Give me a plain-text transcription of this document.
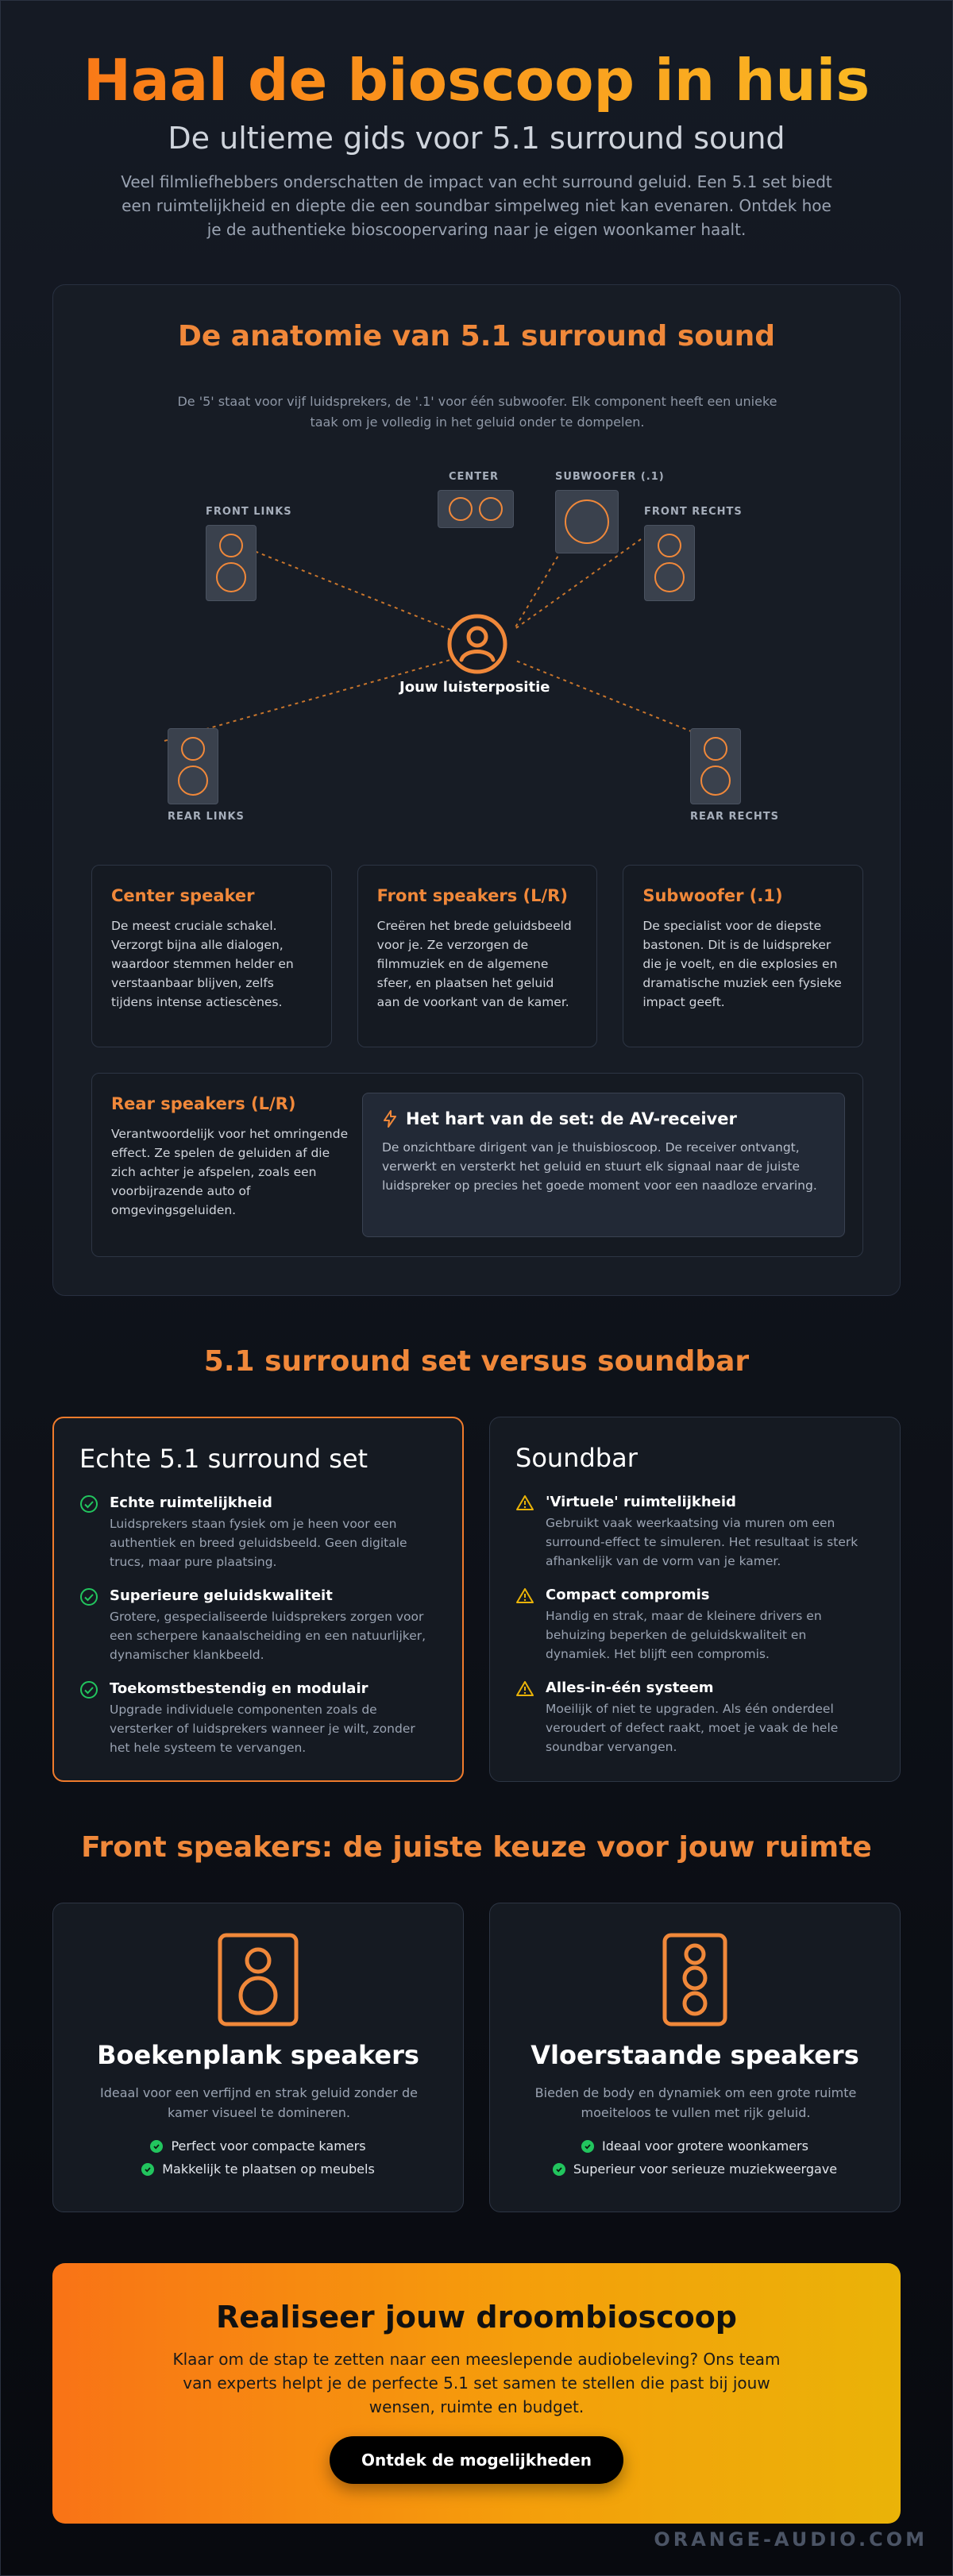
Haal de bioscoop in huis
De ultieme gids voor 5.1 surround sound

Veel filmliefhebbers onderschatten de impact van echt surround geluid. Een 5.1 set biedt een ruimtelijkheid en diepte die een soundbar simpelweg niet kan evenaren. Ontdek hoe je de authentieke bioscoopervaring naar je eigen woonkamer haalt.

De anatomie van 5.1 surround sound

De '5' staat voor vijf luidsprekers, de '.1' voor één subwoofer. Elk component heeft een unieke taak om je volledig in het geluid onder te dompelen.

FRONT LINKS
CENTER	SUBWOOFER (.1)
FRONT RECHTS
Jouw luisterpositie
REAR LINKS	REAR RECHTS
Center speaker

De meest cruciale schakel. Verzorgt bijna alle dialogen, waardoor stemmen helder en verstaanbaar blijven, zelfs tijdens intense actiescènes.

Front speakers (L/R)

Creëren het brede geluidsbeeld voor je. Ze verzorgen de filmmuziek en de algemene sfeer, en plaatsen het geluid aan de voorkant van de kamer.

Subwoofer (.1)

De specialist voor de diepste bastonen. Dit is de luidspreker die je voelt, en die explosies en dramatische muziek een fysieke impact geeft.

Rear speakers (L/R)

Verantwoordelijk voor het omringende effect. Ze spelen de geluiden af die zich achter je afspelen, zoals een voorbijrazende auto of omgevingsgeluiden.

Het hart van de set: de AV-receiver

De onzichtbare dirigent van je thuisbioscoop. De receiver ontvangt, verwerkt en versterkt het geluid en stuurt elk signaal naar de juiste luidspreker op precies het goede moment voor een naadloze ervaring.

5.1 surround set versus soundbar
Echte 5.1 surround set
Echte ruimtelijkheid

Luidsprekers staan fysiek om je heen voor een authentiek en breed geluidsbeeld. Geen digitale trucs, maar pure plaatsing.

Superieure geluidskwaliteit

Grotere, gespecialiseerde luidsprekers zorgen voor een scherpere kanaalscheiding en een natuurlijker, dynamischer klankbeeld.

Toekomstbestendig en modulair

Upgrade individuele componenten zoals de versterker of luidsprekers wanneer je wilt, zonder het hele systeem te vervangen.

Soundbar
'Virtuele' ruimtelijkheid

Gebruikt vaak weerkaatsing via muren om een surround-effect te simuleren. Het resultaat is sterk afhankelijk van de vorm van je kamer.

Compact compromis

Handig en strak, maar de kleinere drivers en behuizing beperken de geluidskwaliteit en dynamiek. Het blijft een compromis.

Alles-in-één systeem

Moeilijk of niet te upgraden. Als één onderdeel veroudert of defect raakt, moet je vaak de hele soundbar vervangen.

Front speakers: de juiste keuze voor jouw ruimte
Boekenplank speakers

Ideaal voor een verfijnd en strak geluid zonder de kamer visueel te domineren.

Perfect voor compacte kamers
Makkelijk te plaatsen op meubels
Vloerstaande speakers

Bieden de body en dynamiek om een grote ruimte moeiteloos te vullen met rijk geluid.

Ideaal voor grotere woonkamers
Superieur voor serieuze muziekweergave
Realiseer jouw droombioscoop

Klaar om de stap te zetten naar een meeslepende audiobeleving? Ons team van experts helpt je de perfecte 5.1 set samen te stellen die past bij jouw wensen, ruimte en budget.

Ontdek de mogelijkheden
ORANGE-AUDIO.COM
